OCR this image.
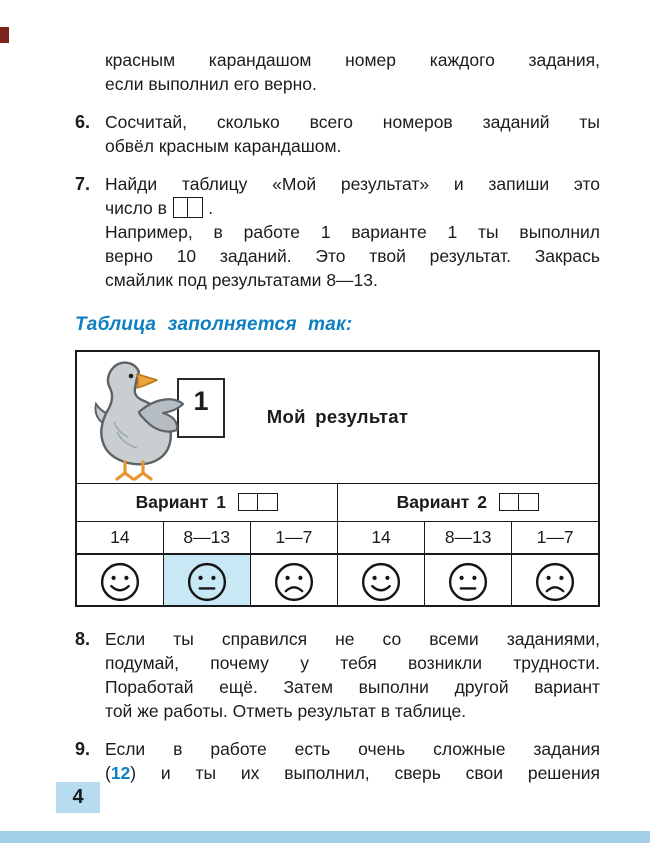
красным карандашом номер каждого задания,
если выполнил его верно.
6. Сосчитай, сколько всего номеров заданий ты
обвёл красным карандашом.
7. Найди таблицу «Мой результат» и запиши это
число в .
Например, в работе 1 варианте 1 ты выполнил
верно 10 заданий. Это твой результат. Закрась
смайлик под результатами 8—13.
Таблица заполняется так:
1
Мой результат					

Вариант 1			Вариант 2		

14	8—13	1—7	14	8—13	1—7

8. Если ты справился не со всеми заданиями,
подумай, почему у тебя возникли трудности.
Поработай ещё. Затем выполни другой вариант
той же работы. Отметь результат в таблице.
9. Если в работе есть очень сложные задания
(12) и ты их выполнил, сверь свои решения
4
